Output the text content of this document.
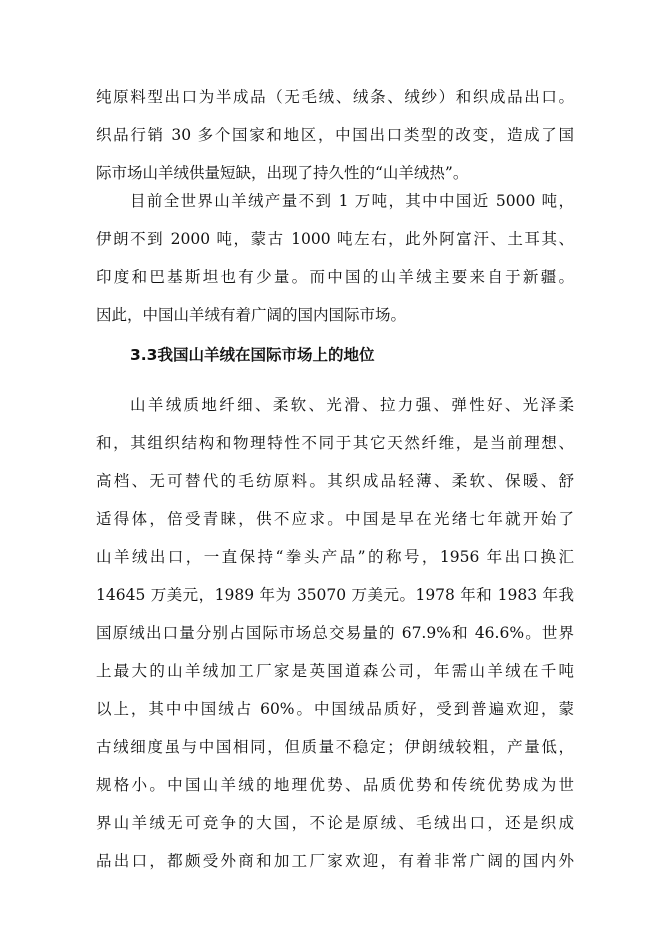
纯原料型出口为半成品（无毛绒、绒条、绒纱）和织成品出口。
织品行销 30 多个国家和地区，中国出口类型的改变，造成了国
际市场山羊绒供量短缺，出现了持久性的“山羊绒热”。
目前全世界山羊绒产量不到 1 万吨，其中中国近 5000 吨，
伊朗不到 2000 吨，蒙古 1000 吨左右，此外阿富汗、土耳其、
印度和巴基斯坦也有少量。而中国的山羊绒主要来自于新疆。
因此，中国山羊绒有着广阔的国内国际市场。
3.3我国山羊绒在国际市场上的地位
山羊绒质地纤细、柔软、光滑、拉力强、弹性好、光泽柔
和，其组织结构和物理特性不同于其它天然纤维，是当前理想、
高档、无可替代的毛纺原料。其织成品轻薄、柔软、保暖、舒
适得体，倍受青睐，供不应求。中国是早在光绪七年就开始了
山羊绒出口，一直保持“拳头产品”的称号，1956 年出口换汇
14645 万美元，1989 年为 35070 万美元。1978 年和 1983 年我
国原绒出口量分别占国际市场总交易量的 67.9%和 46.6%。世界
上最大的山羊绒加工厂家是英国道森公司，年需山羊绒在千吨
以上，其中中国绒占 60%。中国绒品质好，受到普遍欢迎，蒙
古绒细度虽与中国相同，但质量不稳定；伊朗绒较粗，产量低，
规格小。中国山羊绒的地理优势、品质优势和传统优势成为世
界山羊绒无可竞争的大国，不论是原绒、毛绒出口，还是织成
品出口，都颇受外商和加工厂家欢迎，有着非常广阔的国内外
